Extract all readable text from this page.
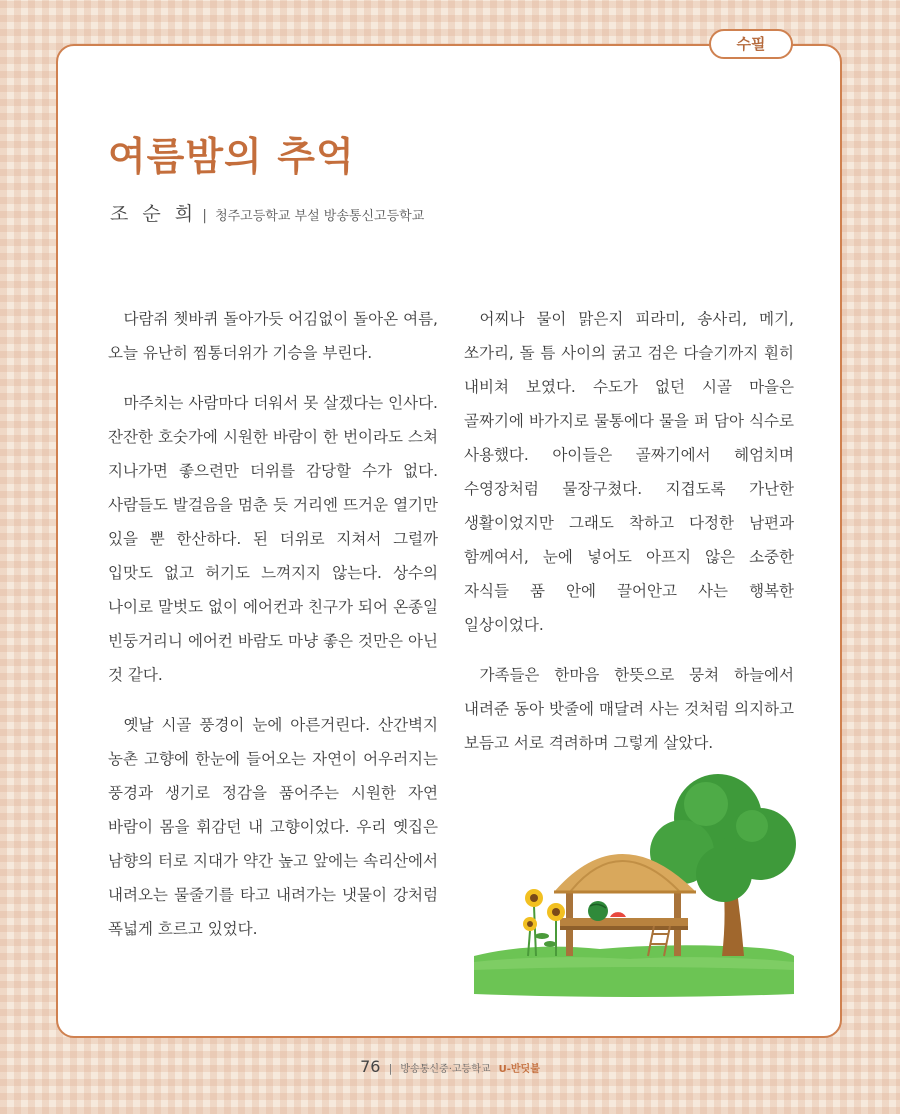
수필
여름밤의 추억
조 순 희 | 청주고등학교 부설 방송통신고등학교

다람쥐 쳇바퀴 돌아가듯 어김없이 돌아온 여름, 오늘 유난히 찜통더위가 기승을 부린다.

마주치는 사람마다 더워서 못 살겠다는 인사다. 잔잔한 호숫가에 시원한 바람이 한 번이라도 스쳐 지나가면 좋으련만 더위를 감당할 수가 없다. 사람들도 발걸음을 멈춘 듯 거리엔 뜨거운 열기만 있을 뿐 한산하다. 된 더위로 지쳐서 그럴까 입맛도 없고 허기도 느껴지지 않는다. 상수의 나이로 말벗도 없이 에어컨과 친구가 되어 온종일 빈둥거리니 에어컨 바람도 마냥 좋은 것만은 아닌 것 같다.

옛날 시골 풍경이 눈에 아른거린다. 산간벽지 농촌 고향에 한눈에 들어오는 자연이 어우러지는 풍경과 생기로 정감을 품어주는 시원한 자연 바람이 몸을 휘감던 내 고향이었다. 우리 옛집은 남향의 터로 지대가 약간 높고 앞에는 속리산에서 내려오는 물줄기를 타고 내려가는 냇물이 강처럼 폭넓게 흐르고 있었다.

어찌나 물이 맑은지 피라미, 송사리, 메기, 쏘가리, 돌 틈 사이의 굵고 검은 다슬기까지 훤히 내비쳐 보였다. 수도가 없던 시골 마을은 골짜기에 바가지로 물통에다 물을 퍼 담아 식수로 사용했다. 아이들은 골짜기에서 헤엄치며 수영장처럼 물장구쳤다. 지겹도록 가난한 생활이었지만 그래도 착하고 다정한 남편과 함께여서, 눈에 넣어도 아프지 않은 소중한 자식들 품 안에 끌어안고 사는 행복한 일상이었다.

가족들은 한마음 한뜻으로 뭉쳐 하늘에서 내려준 동아 밧줄에 매달려 사는 것처럼 의지하고 보듬고 서로 격려하며 그렇게 살았다.

76 | 방송통신중·고등학교 U-반딧불
